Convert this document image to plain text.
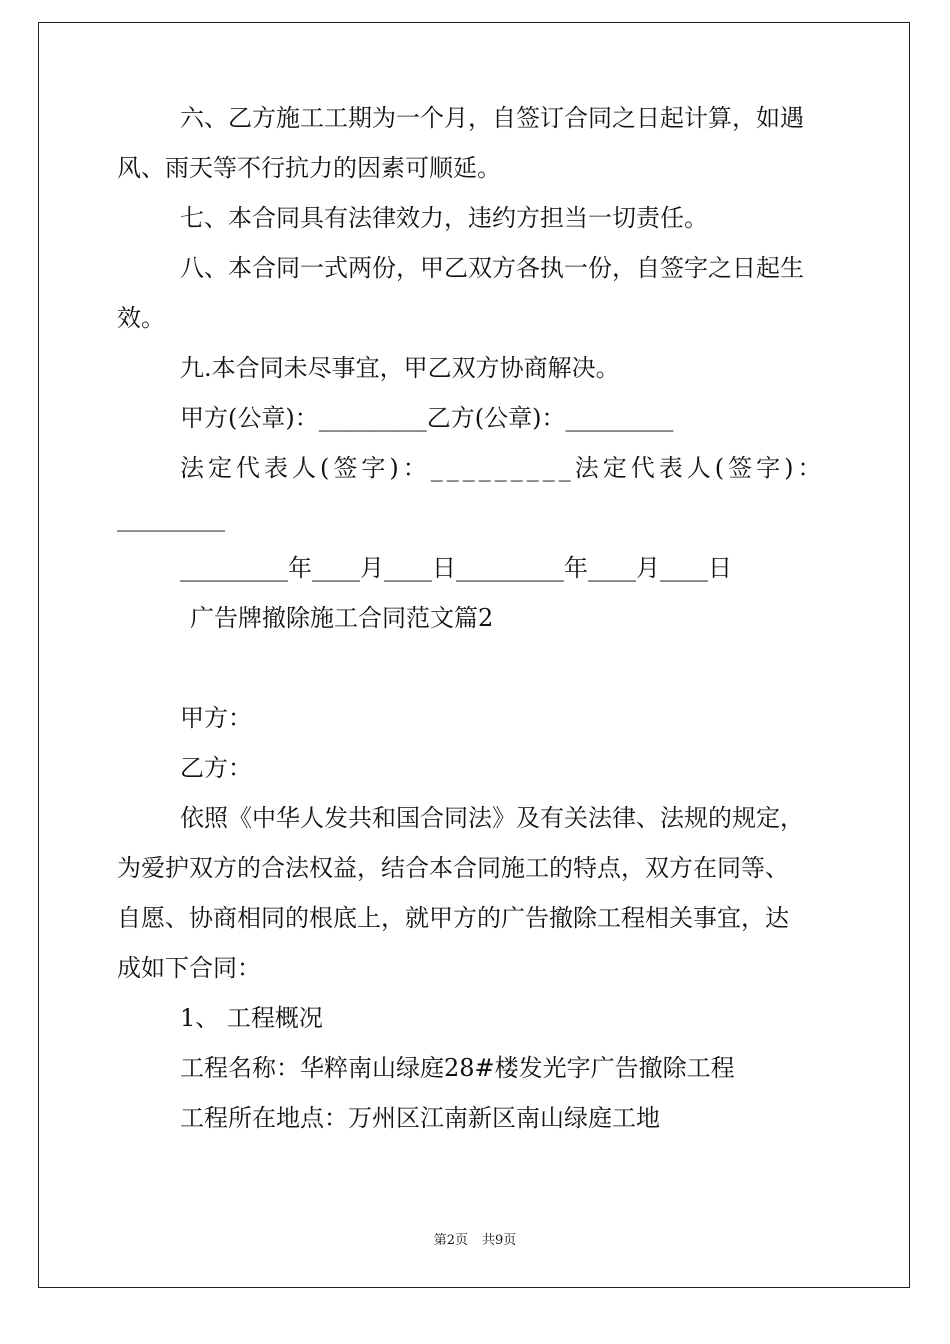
六、乙方施工工期为一个月，自签订合同之日起计算，如遇
风、雨天等不行抗力的因素可顺延。
七、本合同具有法律效力，违约方担当一切责任。
八、本合同一式两份，甲乙双方各执一份，自签字之日起生
效。
九.本合同未尽事宜，甲乙双方协商解决。
甲方(公章)：_________乙方(公章)：_________
法定代表人(签字)：_________法定代表人(签字)：
_________
_________年____月____日_________年____月____日
广告牌撤除施工合同范文篇2
甲方：
乙方：
依照《中华人发共和国合同法》及有关法律、法规的规定，
为爱护双方的合法权益，结合本合同施工的特点，双方在同等、
自愿、协商相同的根底上，就甲方的广告撤除工程相关事宜，达
成如下合同：
1、 工程概况
工程名称：华粹南山绿庭28#楼发光字广告撤除工程
工程所在地点：万州区江南新区南山绿庭工地
第2页 共9页
